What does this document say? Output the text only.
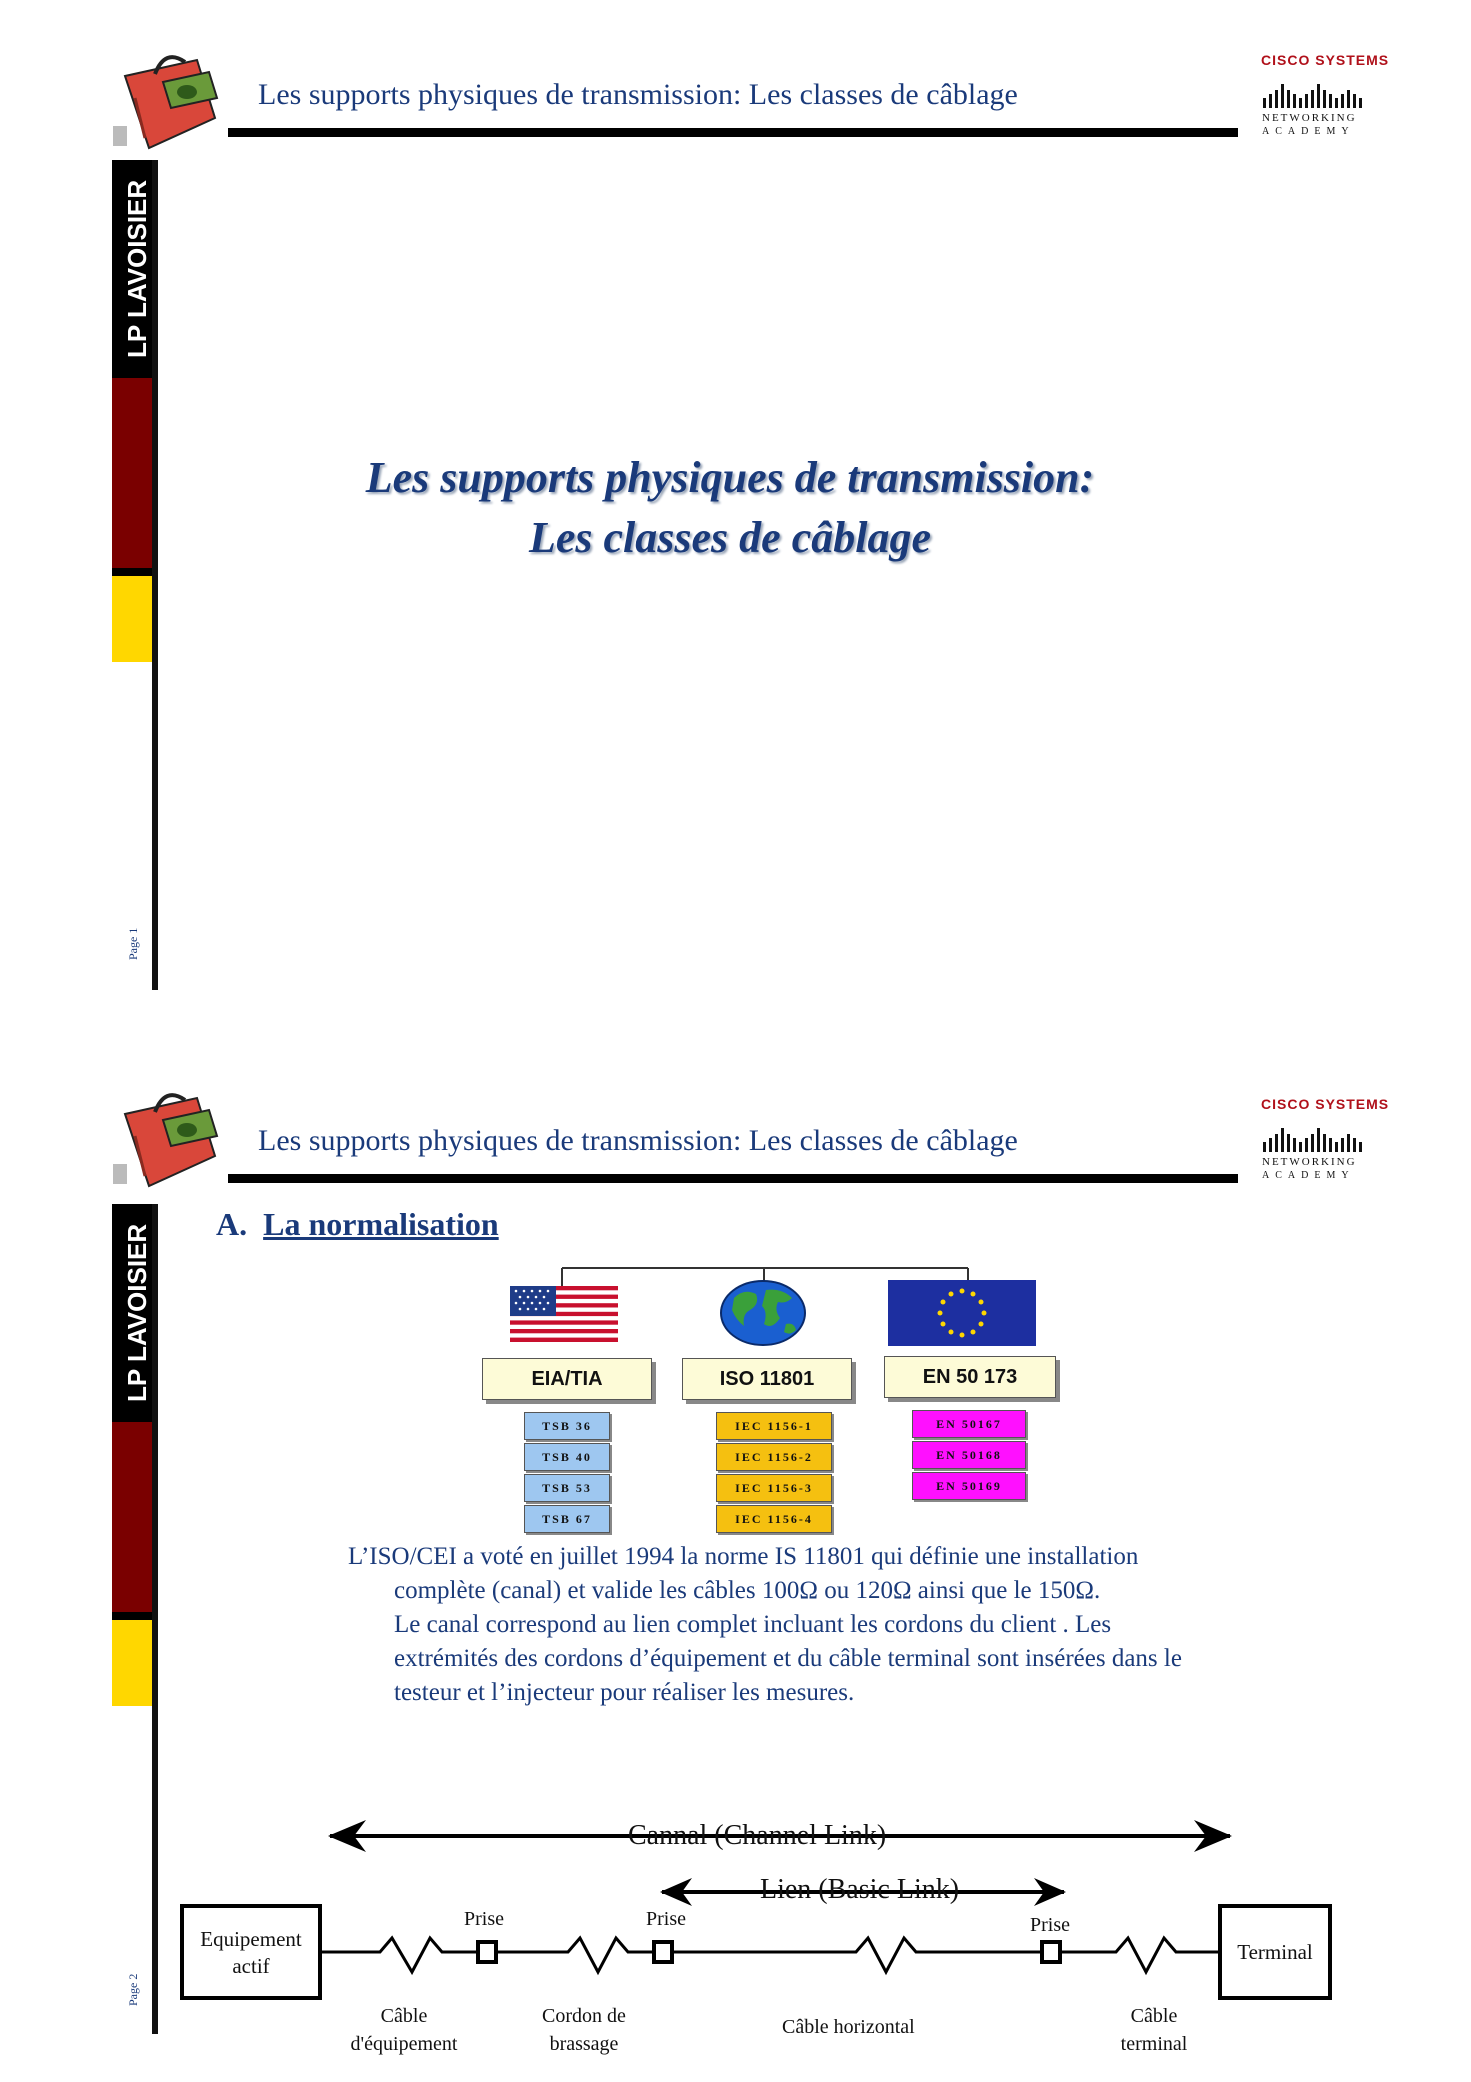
Les supports physiques de transmission: Les classes de câblage
CISCO SYSTEMS
NETWORKING
ACADEMY
LP LAVOISIER
Page 1
Les supports physiques de transmission:
Les classes de câblage
Les supports physiques de transmission: Les classes de câblage
CISCO SYSTEMS
NETWORKING
ACADEMY
LP LAVOISIER
Page 2
A. La normalisation
EIA/TIA	ISO 11801	EN 50 173
TSB 36
TSB 40
TSB 53
TSB 67
IEC 1156-1
IEC 1156-2
IEC 1156-3
IEC 1156-4
EN 50167
EN 50168
EN 50169
L’ISO/CEI a voté en juillet 1994 la norme IS 11801 qui définie une installation
complète (canal) et valide les câbles 100Ω ou 120Ω ainsi que le 150Ω.
Le canal correspond au lien complet incluant les cordons du client . Les
extrémités des cordons d’équipement et du câble terminal sont insérées dans le
testeur et l’injecteur pour réaliser les mesures.
Cannal (Channel Link)
Lien (Basic Link)
Equipement
actif
Terminal
Prise	Prise	Prise
Câble
d'équipement
Cordon de
brassage
Câble horizontal	Câble
terminal
